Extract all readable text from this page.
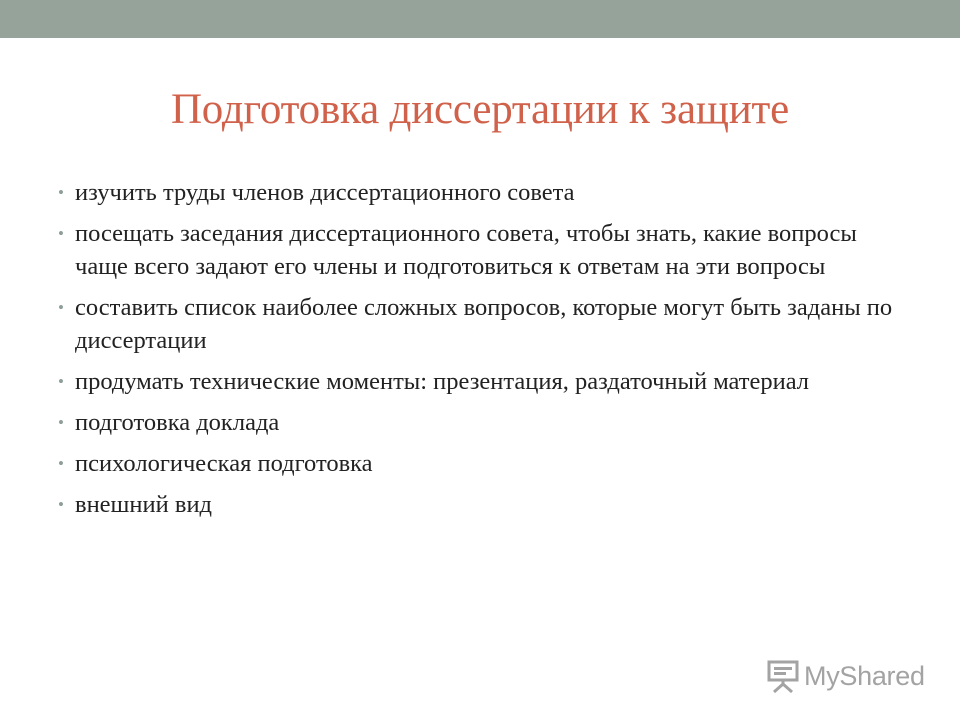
Подготовка диссертации к защите
• изучить труды членов диссертационного совета
• посещать заседания диссертационного совета, чтобы знать, какие вопросы чаще всего задают его члены и подготовиться к ответам на эти вопросы
• составить список наиболее сложных вопросов, которые могут быть заданы по диссертации
• продумать технические моменты: презентация, раздаточный материал
• подготовка доклада
• психологическая подготовка
• внешний вид
MyShared
